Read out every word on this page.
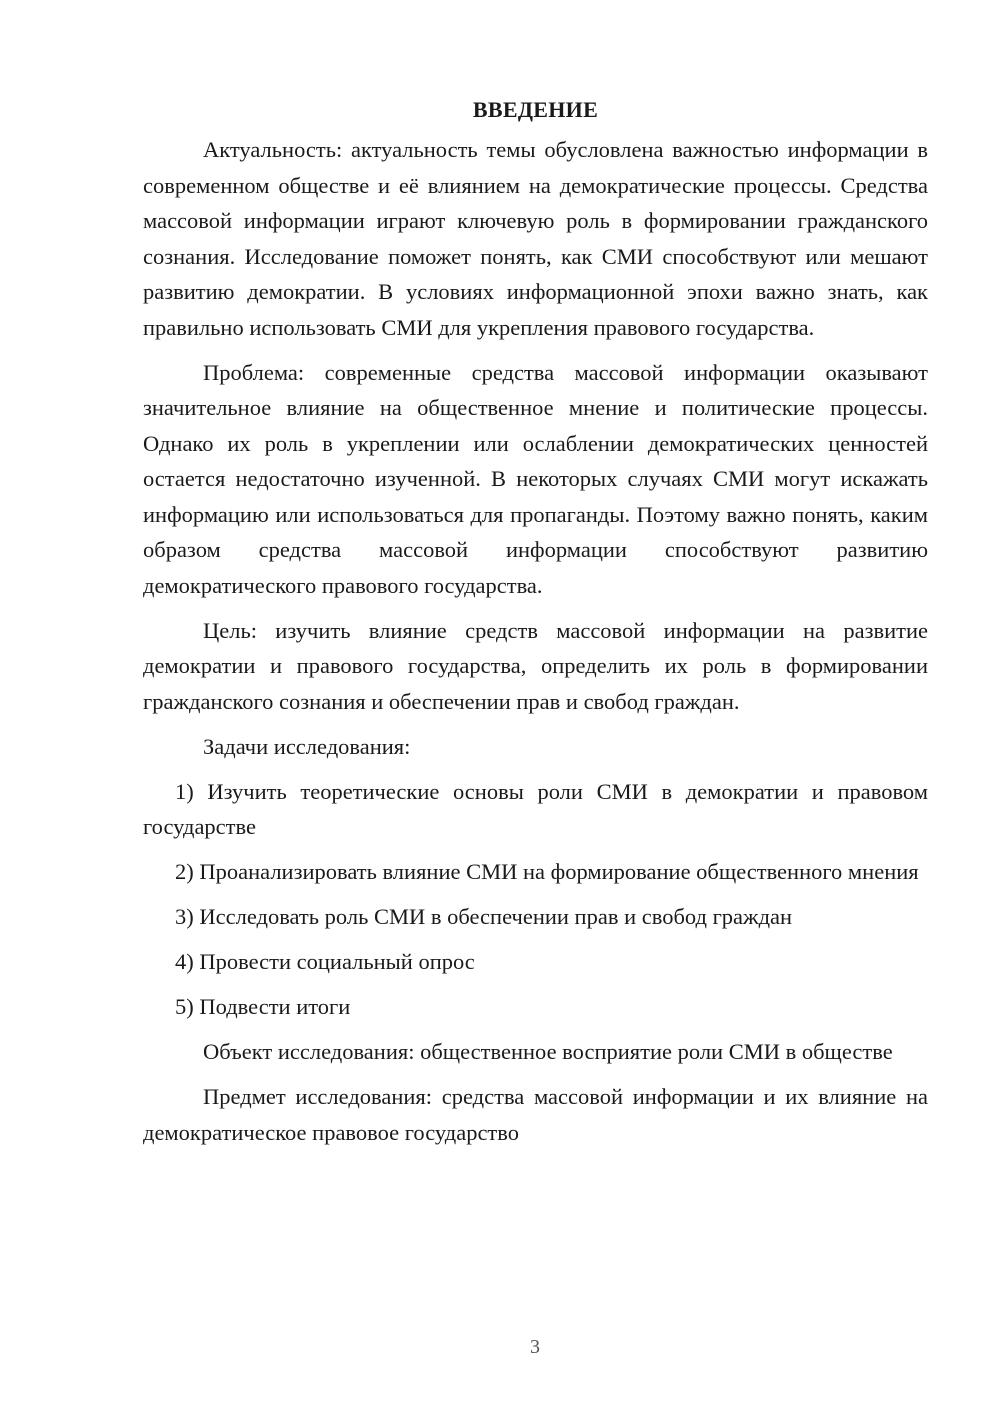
ВВЕДЕНИЕ

Актуальность: актуальность темы обусловлена важностью информации в современном обществе и её влиянием на демократические процессы. Средства массовой информации играют ключевую роль в формировании гражданского сознания. Исследование поможет понять, как СМИ способствуют или мешают развитию демократии. В условиях информационной эпохи важно знать, как правильно использовать СМИ для укрепления правового государства.

Проблема: современные средства массовой информации оказывают значительное влияние на общественное мнение и политические процессы. Однако их роль в укреплении или ослаблении демократических ценностей остается недостаточно изученной. В некоторых случаях СМИ могут искажать информацию или использоваться для пропаганды. Поэтому важно понять, каким образом средства массовой информации способствуют развитию демократического правового государства.

Цель: изучить влияние средств массовой информации на развитие демократии и правового государства, определить их роль в формировании гражданского сознания и обеспечении прав и свобод граждан.

Задачи исследования:

1) Изучить теоретические основы роли СМИ в демократии и правовом государстве

2) Проанализировать влияние СМИ на формирование общественного мнения

3) Исследовать роль СМИ в обеспечении прав и свобод граждан

4) Провести социальный опрос

5) Подвести итоги

Объект исследования: общественное восприятие роли СМИ в обществе

Предмет исследования: средства массовой информации и их влияние на демократическое правовое государство

3
